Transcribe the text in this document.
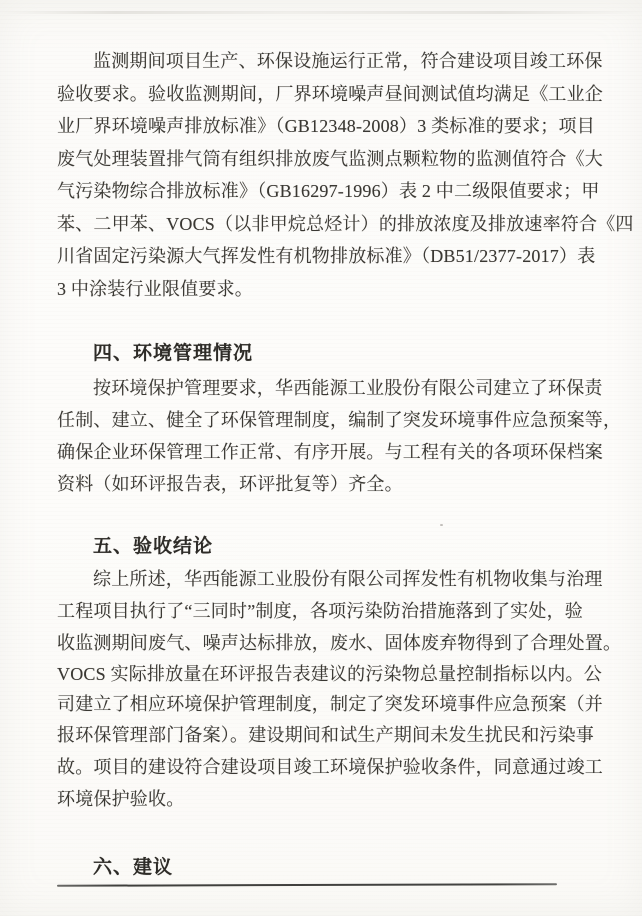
监测期间项目生产、环保设施运行正常，符合建设项目竣工环保
验收要求。验收监测期间，厂界环境噪声昼间测试值均满足《工业企
业厂界环境噪声排放标准》（GB12348-2008）3 类标准的要求；项目
废气处理装置排气筒有组织排放废气监测点颗粒物的监测值符合《大
气污染物综合排放标准》（GB16297-1996）表 2 中二级限值要求；甲
苯、二甲苯、VOCS（以非甲烷总烃计）的排放浓度及排放速率符合《四
川省固定污染源大气挥发性有机物排放标准》（DB51/2377-2017）表
3 中涂装行业限值要求。
四、环境管理情况
按环境保护管理要求，华西能源工业股份有限公司建立了环保责
任制、建立、健全了环保管理制度，编制了突发环境事件应急预案等，
确保企业环保管理工作正常、有序开展。与工程有关的各项环保档案
资料（如环评报告表，环评批复等）齐全。
五、验收结论
综上所述，华西能源工业股份有限公司挥发性有机物收集与治理
工程项目执行了“三同时”制度，各项污染防治措施落到了实处，验
收监测期间废气、噪声达标排放，废水、固体废弃物得到了合理处置。
VOCS 实际排放量在环评报告表建议的污染物总量控制指标以内。公
司建立了相应环境保护管理制度，制定了突发环境事件应急预案（并
报环保管理部门备案）。建设期间和试生产期间未发生扰民和污染事
故。项目的建设符合建设项目竣工环境保护验收条件，同意通过竣工
环境保护验收。
六、建议
